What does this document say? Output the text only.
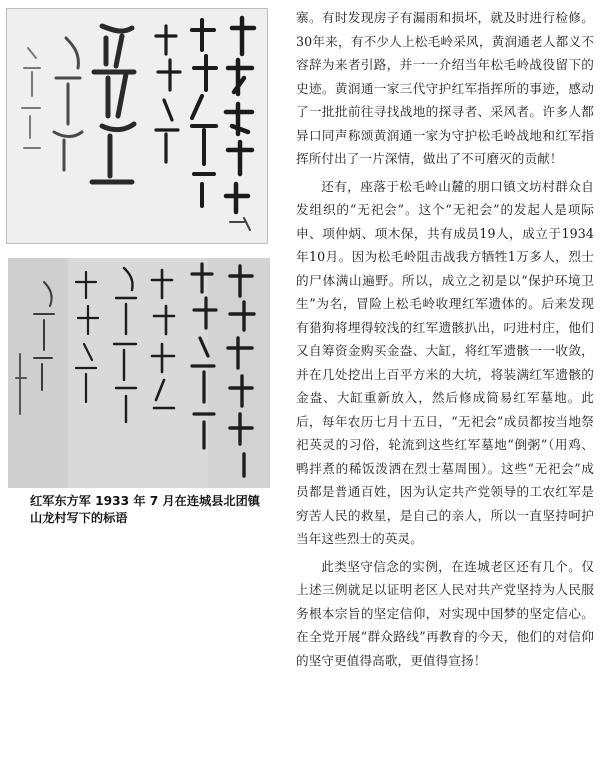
红军东方军 1933 年 7 月在连城县北团镇山龙村写下的标语

寨。有时发现房子有漏雨和损坏，就及时进行检修。30年来，有不少人上松毛岭采风，黄润通老人都义不容辞为来者引路，并一一介绍当年松毛岭战役留下的史迹。黄润通一家三代守护红军指挥所的事迹，感动了一批批前往寻找战地的探寻者、采风者。许多人都异口同声称颂黄润通一家为守护松毛岭战地和红军指挥所付出了一片深情，做出了不可磨灭的贡献！

还有，座落于松毛岭山麓的朋口镇文坊村群众自发组织的“无祀会”。这个“无祀会”的发起人是项际申、项仲炳、项木保，共有成员19人，成立于1934年10月。因为松毛岭阻击战我方牺牲1万多人，烈士的尸体满山遍野。所以，成立之初是以“保护环境卫生”为名，冒险上松毛岭收理红军遗体的。后来发现有猎狗将埋得较浅的红军遗骸扒出，叼进村庄，他们又自筹资金购买金盎、大缸，将红军遗骸一一收敛，并在几处挖出上百平方米的大坑，将装满红军遗骸的金盎、大缸重新放入，然后修成简易红军墓地。此后，每年农历七月十五日，“无祀会”成员都按当地祭祀英灵的习俗，轮流到这些红军墓地“倒粥”（用鸡、鸭拌煮的稀饭泼洒在烈士墓周围）。这些“无祀会”成员都是普通百姓，因为认定共产党领导的工农红军是穷苦人民的救星，是自己的亲人，所以一直坚持呵护当年这些烈士的英灵。

此类坚守信念的实例，在连城老区还有几个。仅上述三例就足以证明老区人民对共产党坚持为人民服务根本宗旨的坚定信仰，对实现中国梦的坚定信心。在全党开展“群众路线”再教育的今天，他们的对信仰的坚守更值得高歌，更值得宣扬！
